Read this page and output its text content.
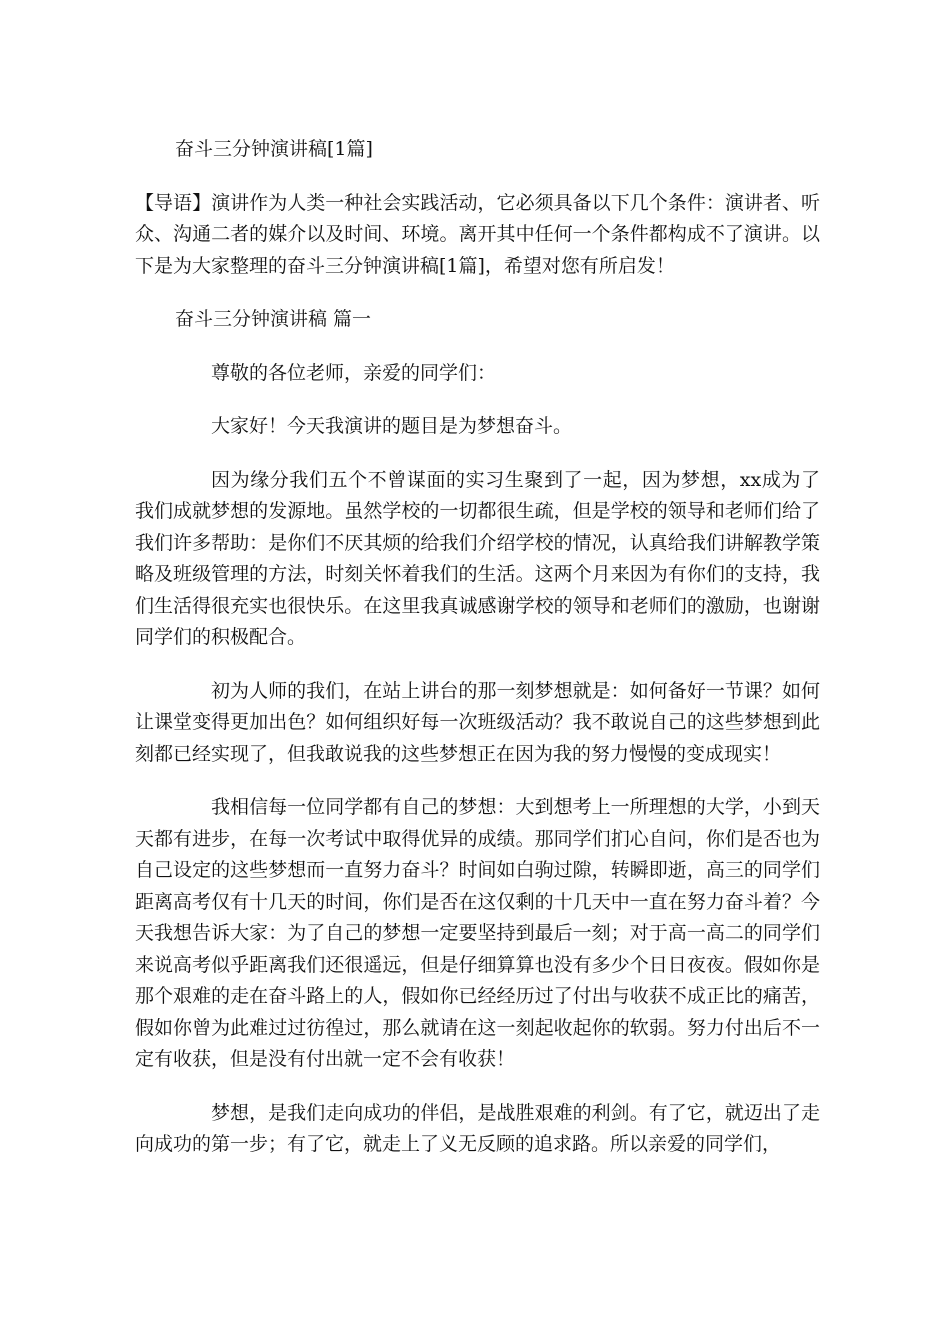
奋斗三分钟演讲稿[1篇]

【导语】演讲作为人类一种社会实践活动，它必须具备以下几个条件：演讲者、听众、沟通二者的媒介以及时间、环境。离开其中任何一个条件都构成不了演讲。以下是为大家整理的奋斗三分钟演讲稿[1篇]，希望对您有所启发！

奋斗三分钟演讲稿 篇一

尊敬的各位老师，亲爱的同学们：

大家好！今天我演讲的题目是为梦想奋斗。

因为缘分我们五个不曾谋面的实习生聚到了一起，因为梦想，xx成为了我们成就梦想的发源地。虽然学校的一切都很生疏，但是学校的领导和老师们给了我们许多帮助：是你们不厌其烦的给我们介绍学校的情况，认真给我们讲解教学策略及班级管理的方法，时刻关怀着我们的生活。这两个月来因为有你们的支持，我们生活得很充实也很快乐。在这里我真诚感谢学校的领导和老师们的激励，也谢谢同学们的积极配合。

初为人师的我们，在站上讲台的那一刻梦想就是：如何备好一节课？如何让课堂变得更加出色？如何组织好每一次班级活动？我不敢说自己的这些梦想到此刻都已经实现了，但我敢说我的这些梦想正在因为我的努力慢慢的变成现实！

我相信每一位同学都有自己的梦想：大到想考上一所理想的大学，小到天天都有进步，在每一次考试中取得优异的成绩。那同学们扪心自问，你们是否也为自己设定的这些梦想而一直努力奋斗？时间如白驹过隙，转瞬即逝，高三的同学们距离高考仅有十几天的时间，你们是否在这仅剩的十几天中一直在努力奋斗着？今天我想告诉大家：为了自己的梦想一定要坚持到最后一刻；对于高一高二的同学们来说高考似乎距离我们还很遥远，但是仔细算算也没有多少个日日夜夜。假如你是那个艰难的走在奋斗路上的人，假如你已经经历过了付出与收获不成正比的痛苦，假如你曾为此难过过彷徨过，那么就请在这一刻起收起你的软弱。努力付出后不一定有收获，但是没有付出就一定不会有收获！

梦想，是我们走向成功的伴侣，是战胜艰难的利剑。有了它，就迈出了走向成功的第一步；有了它，就走上了义无反顾的追求路。所以亲爱的同学们，
